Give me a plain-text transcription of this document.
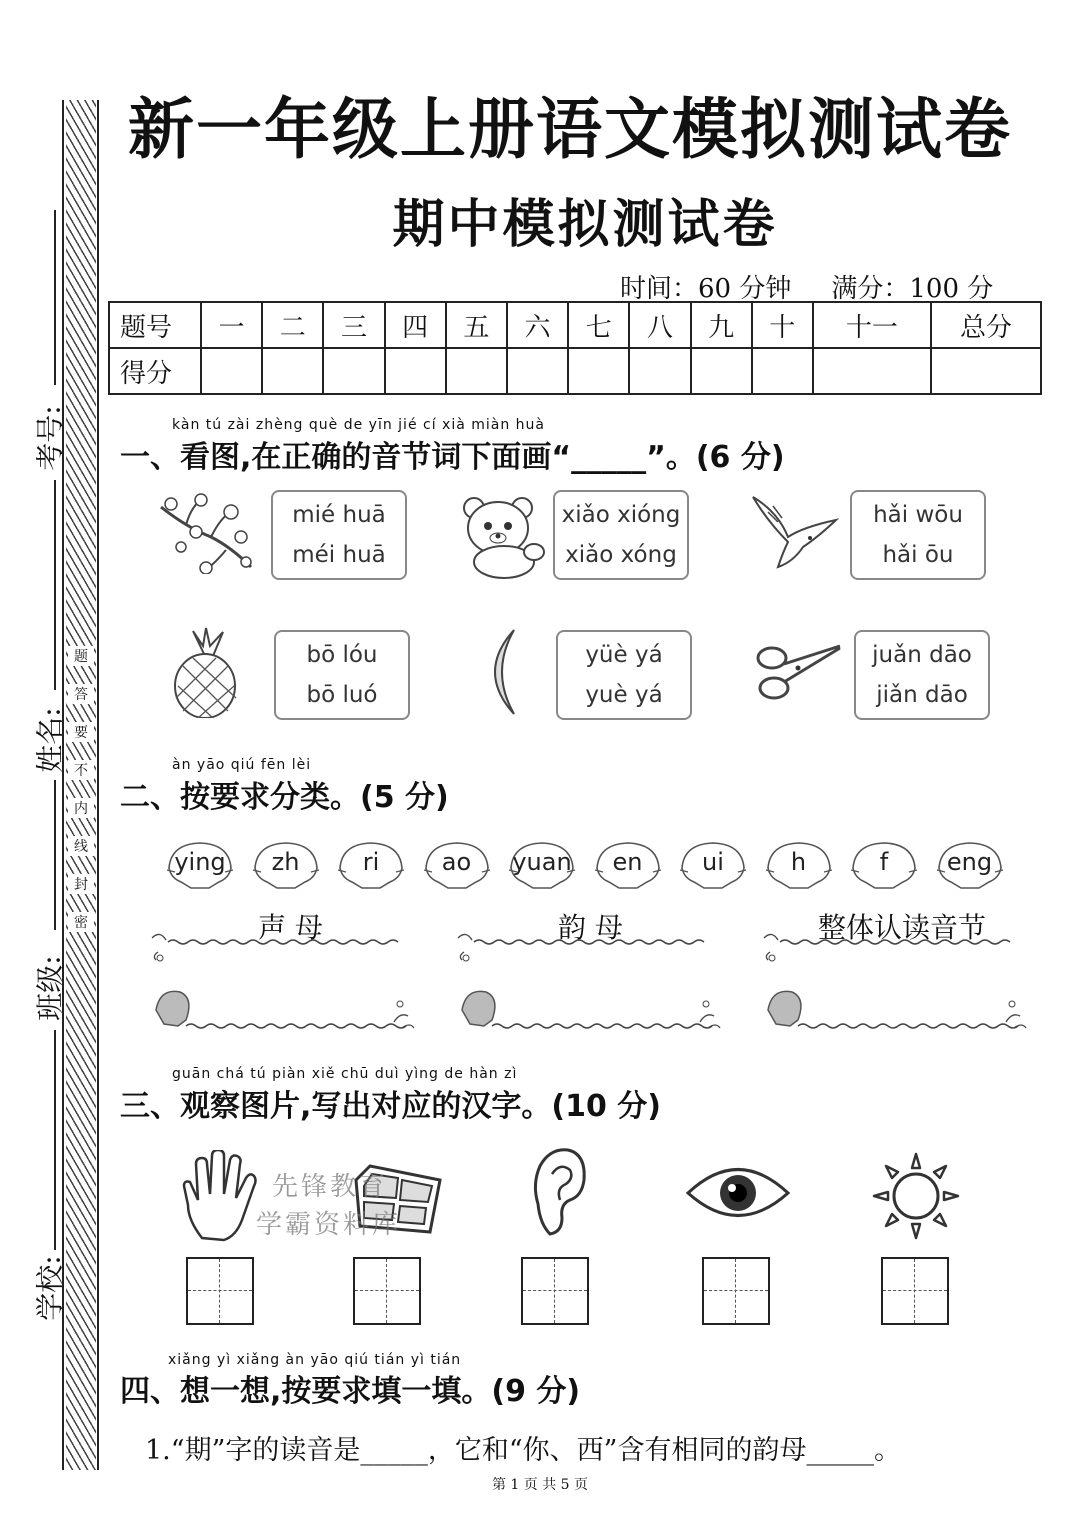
考号:
姓名:
班级:
学校:
题
答
要
不
内
线
封
密
新一年级上册语文模拟测试卷
期中模拟测试卷
时间：60 分钟 满分：100 分
题号	一	二	三	四	五	六	七	八	九	十	十一	总分
得分												
kàn tú zài zhèng què de yīn jié cí xià miàn huà
一、看图,在正确的音节词下面画“_____”。(6 分)
mié huā
méi huā
xiǎo xióng
xiǎo xóng
hǎi wōu
hǎi ōu
bō lóu
bō luó
yüè yá
yuè yá
juǎn dāo
jiǎn dāo
àn yāo qiú fēn lèi
二、按要求分类。(5 分)
ying	zh	ri	ao	yuan	en	ui	h	f	eng
声 母	韵 母	整体认读音节
guān chá tú piàn xiě chū duì yìng de hàn zì
三、观察图片,写出对应的汉字。(10 分)
先锋教育
学霸资料库
xiǎng yì xiǎng àn yāo qiú tián yì tián
四、想一想,按要求填一填。(9 分)
1.“期”字的读音是_____，它和“你、西”含有相同的韵母_____。
第 1 页 共 5 页
